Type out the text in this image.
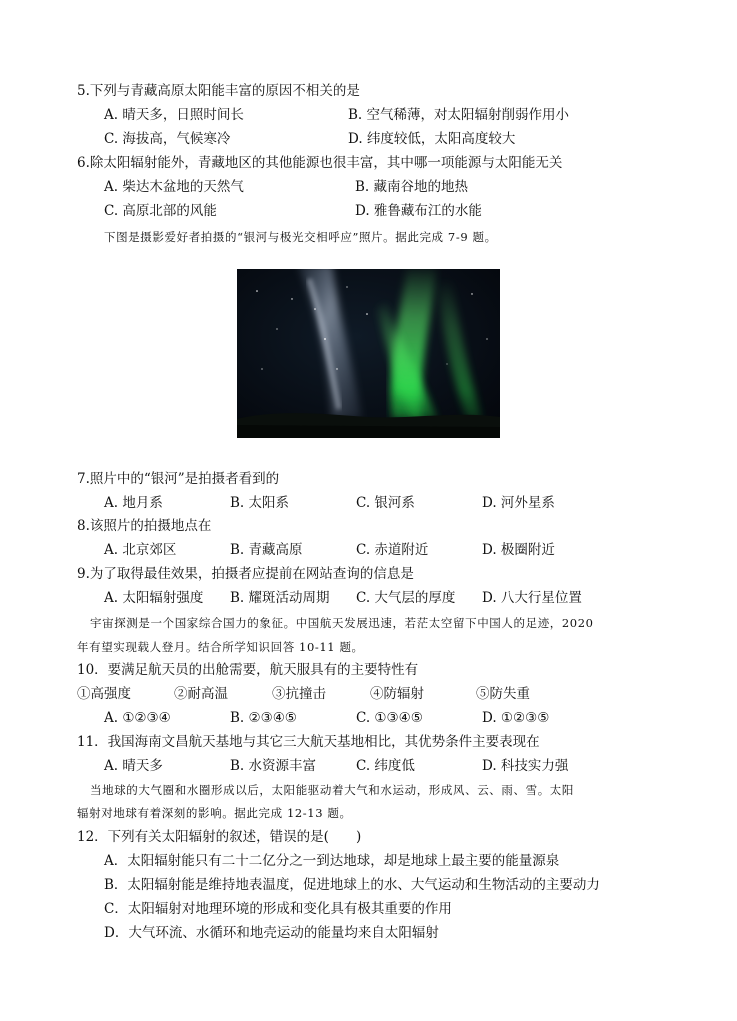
5.下列与青藏高原太阳能丰富的原因不相关的是
A. 晴天多，日照时间长	B. 空气稀薄，对太阳辐射削弱作用小
C. 海拔高，气候寒冷	D. 纬度较低，太阳高度较大
6.除太阳辐射能外，青藏地区的其他能源也很丰富，其中哪一项能源与太阳能无关
A. 柴达木盆地的天然气	B. 藏南谷地的地热
C. 高原北部的风能	D. 雅鲁藏布江的水能
下图是摄影爱好者拍摄的“银河与极光交相呼应”照片。据此完成 7-9 题。
7.照片中的“银河”是拍摄者看到的
A. 地月系	B. 太阳系	C. 银河系	D. 河外星系
8.该照片的拍摄地点在
A. 北京郊区	B. 青藏高原	C. 赤道附近	D. 极圈附近
9.为了取得最佳效果，拍摄者应提前在网站查询的信息是
A. 太阳辐射强度 B. 耀斑活动周期 C. 大气层的厚度 D. 八大行星位置
宇宙探测是一个国家综合国力的象征。中国航天发展迅速，若茫太空留下中国人的足迹，2020
年有望实现载人登月。结合所学知识回答 10-11 题。
10．要满足航天员的出舱需要，航天服具有的主要特性有
①高强度	②耐高温	③抗撞击	④防辐射	⑤防失重
A. ①②③④	B. ②③④⑤	C. ①③④⑤	D. ①②③⑤
11．我国海南文昌航天基地与其它三大航天基地相比，其优势条件主要表现在
A. 晴天多	B. 水资源丰富	C. 纬度低	D. 科技实力强
当地球的大气圈和水圈形成以后，太阳能驱动着大气和水运动，形成风、云、雨、雪。太阳
辐射对地球有着深刻的影响。据此完成 12-13 题。
12．下列有关太阳辐射的叙述，错误的是(　　)
A．太阳辐射能只有二十二亿分之一到达地球，却是地球上最主要的能量源泉
B．太阳辐射能是维持地表温度，促进地球上的水、大气运动和生物活动的主要动力
C．太阳辐射对地理环境的形成和变化具有极其重要的作用
D．大气环流、水循环和地壳运动的能量均来自太阳辐射
